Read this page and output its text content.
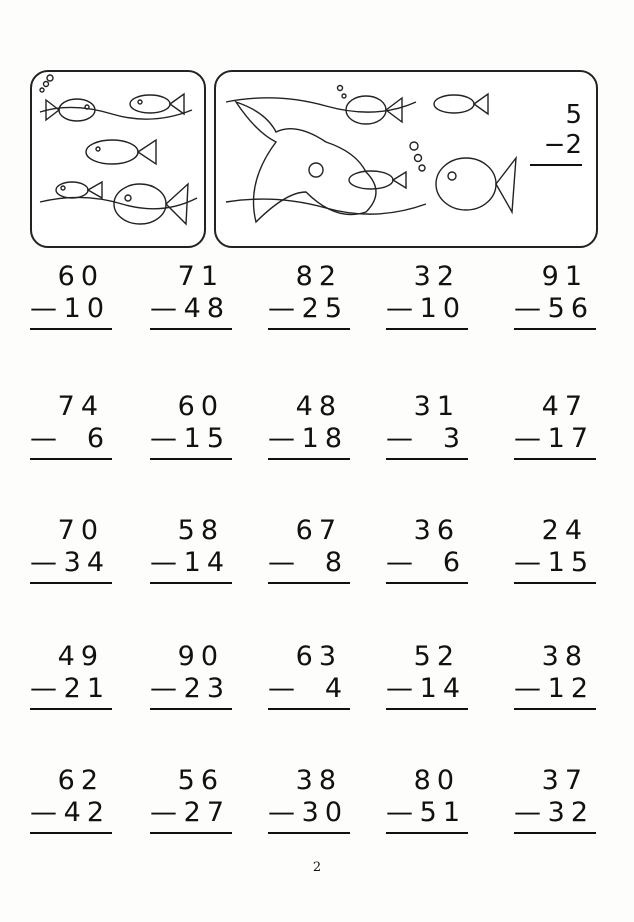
5
−2
60
— 10
71
— 48
82
— 25
32
— 10
91
— 56
74
— 6
60
— 15
48
— 18
31
— 3
47
— 17
70
— 34
58
— 14
67
— 8
36
— 6
24
— 15
49
— 21
90
— 23
63
— 4
52
— 14
38
— 12
62
— 42
56
— 27
38
— 30
80
— 51
37
— 32
2
